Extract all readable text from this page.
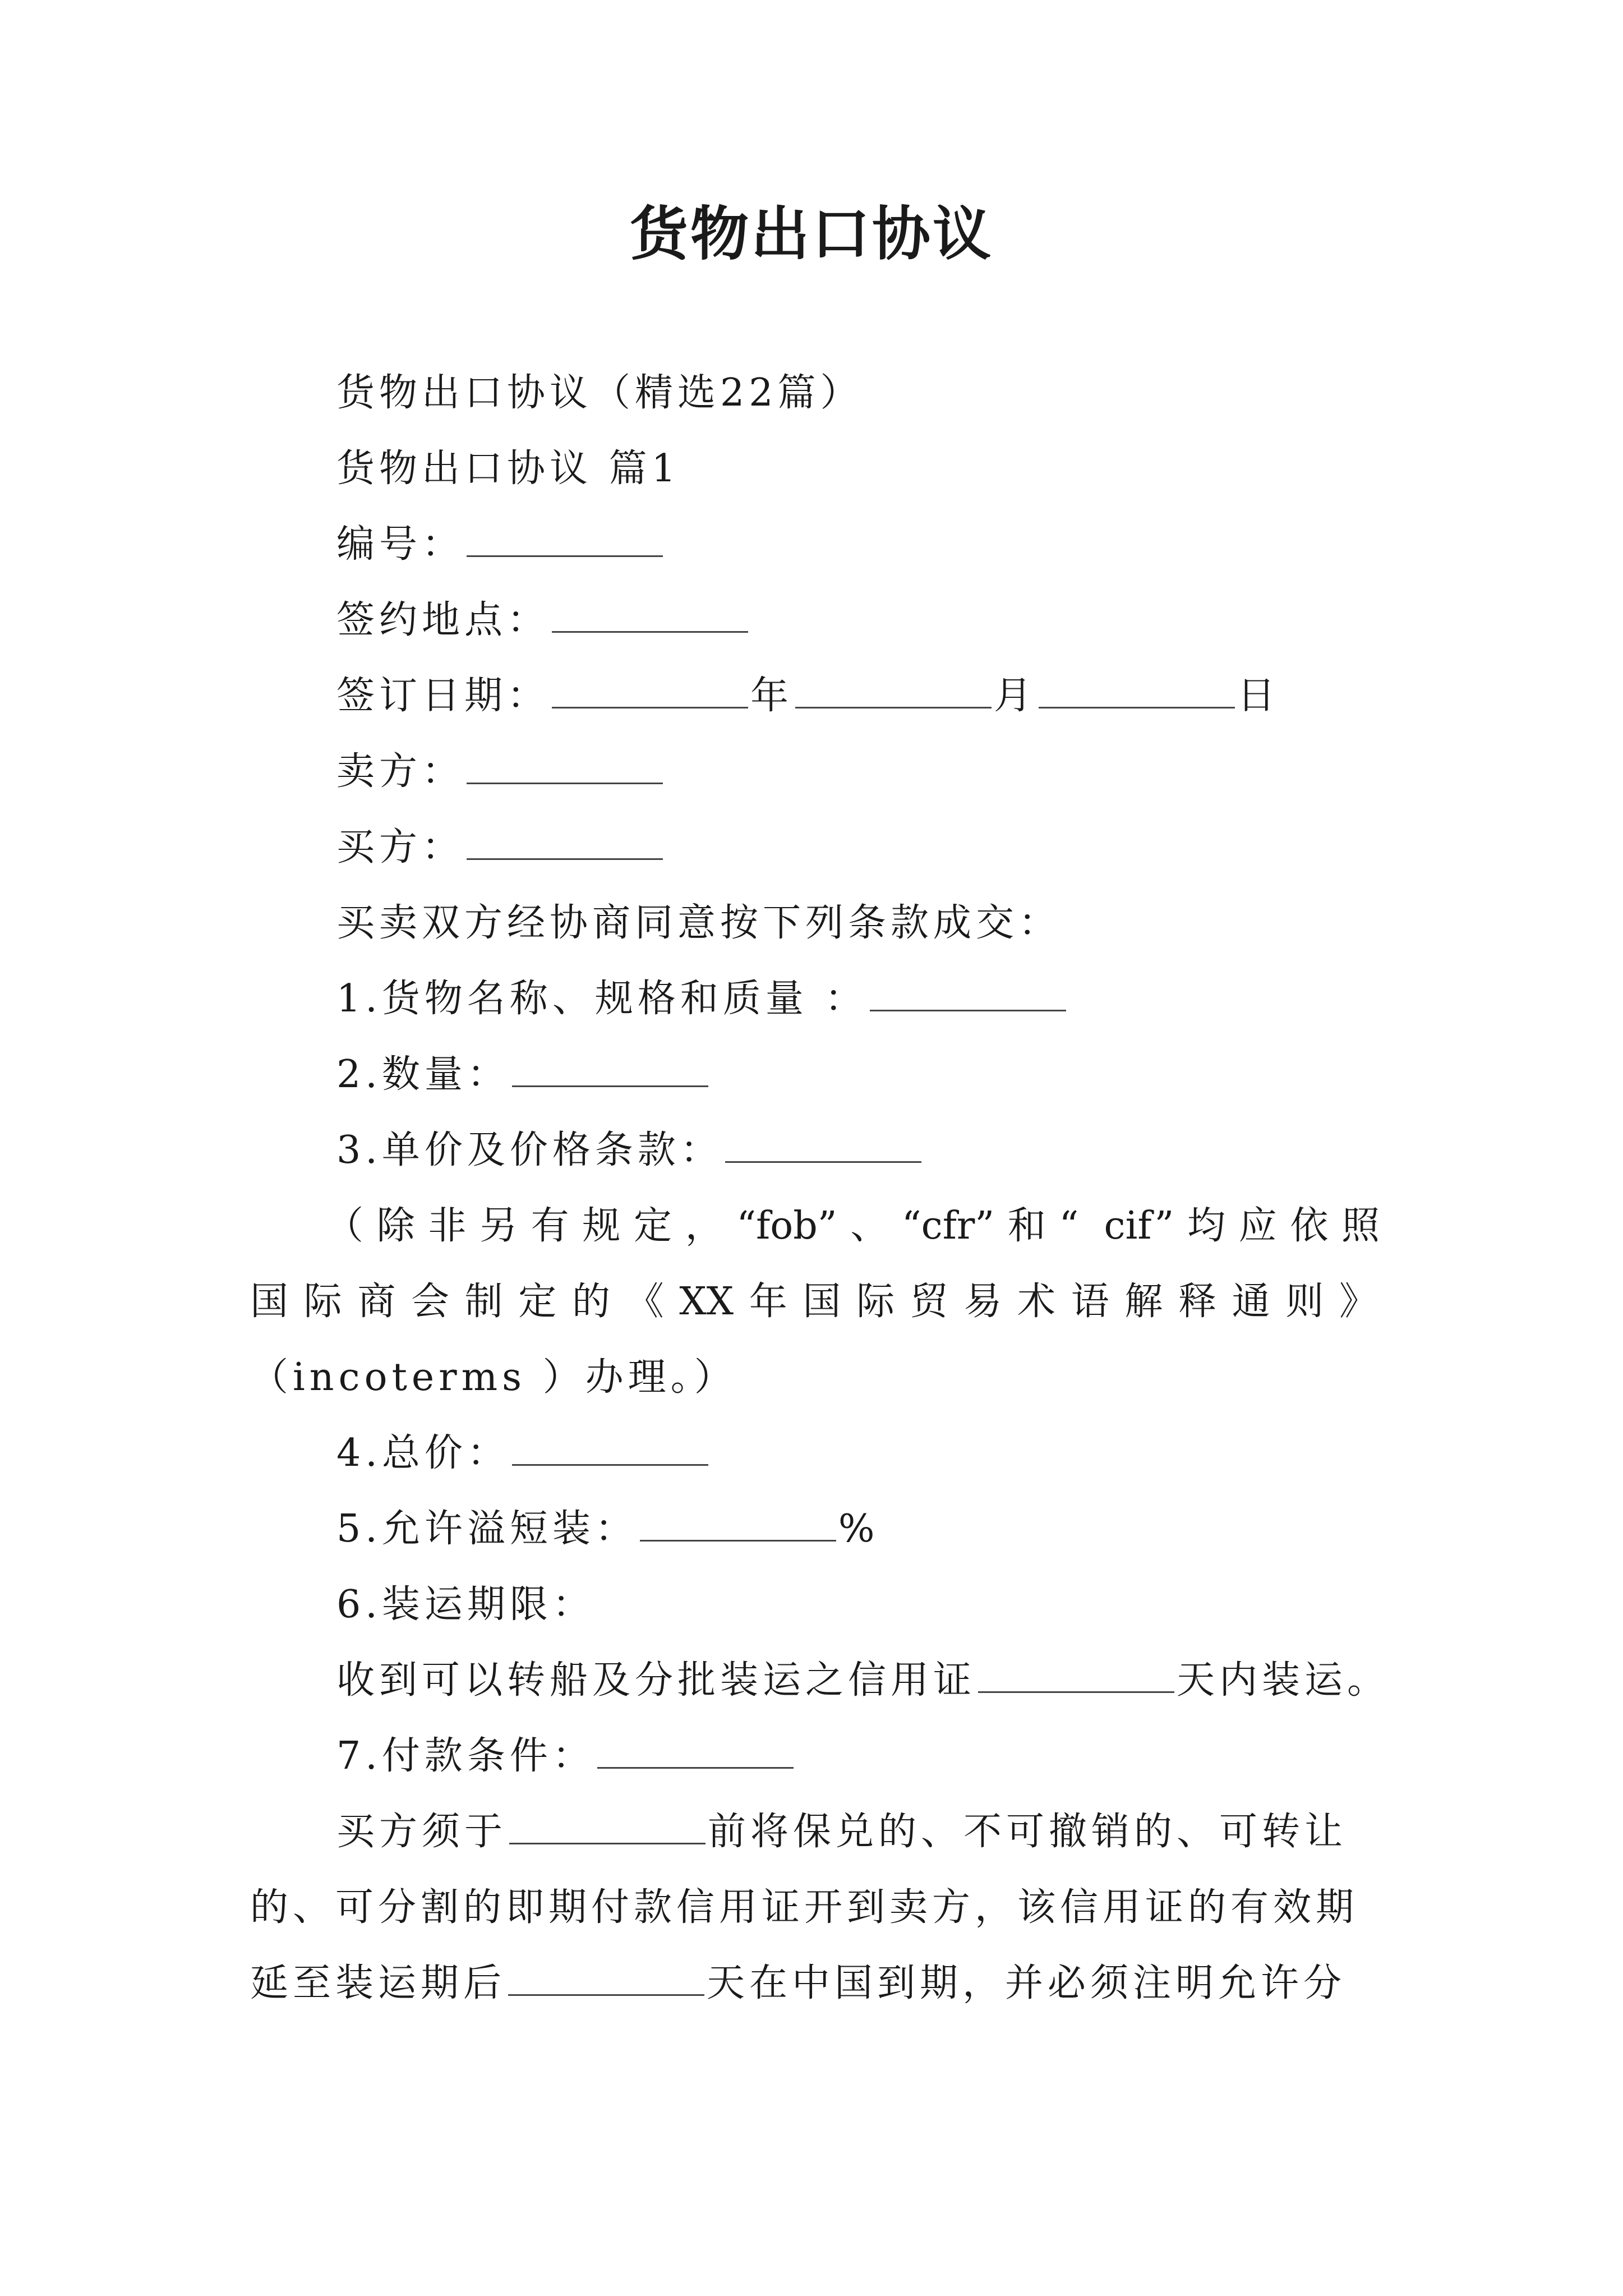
货物出口协议
货物出口协议（精选22篇）
货物出口协议 篇1
编号：
签约地点：
签订日期：	年	月	日
卖方：
买方：
买卖双方经协商同意按下列条款成交：
1.货物名称、规格和质量 ：
2.数量：
3.单价及价格条款：
（除非另有规定，“fob”、“cfr”和“ cif”均应依照
国际商会制定的《XX年国际贸易术语解释通则》
（incoterms ）办理。）
4.总价：
5.允许溢短装：	%
6.装运期限：
收到可以转船及分批装运之信用证	天内装运。
7.付款条件：
买方须于	前将保兑的、不可撤销的、可转让
的、可分割的即期付款信用证开到卖方，该信用证的有效期
延至装运期后	天在中国到期，并必须注明允许分
